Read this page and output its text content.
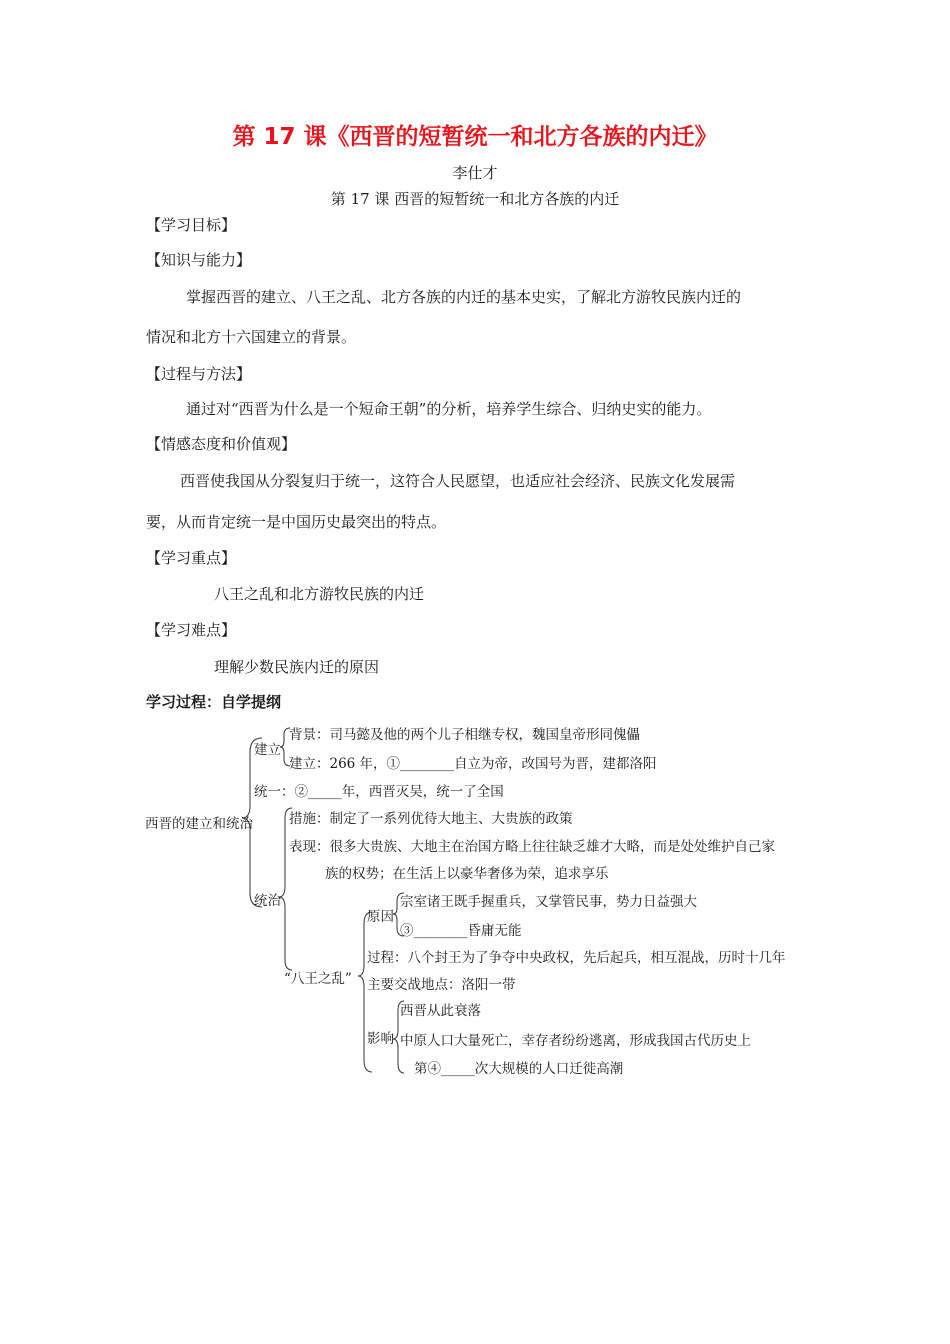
第 17 课《西晋的短暂统一和北方各族的内迁》
李仕才
第 17 课 西晋的短暂统一和北方各族的内迁
【学习目标】
【知识与能力】
掌握西晋的建立、八王之乱、北方各族的内迁的基本史实，了解北方游牧民族内迁的
情况和北方十六国建立的背景。
【过程与方法】
通过对“西晋为什么是一个短命王朝”的分析，培养学生综合、归纳史实的能力。
【情感态度和价值观】
西晋使我国从分裂复归于统一，这符合人民愿望，也适应社会经济、民族文化发展需
要，从而肯定统一是中国历史最突出的特点。
【学习重点】
八王之乱和北方游牧民族的内迁
【学习难点】
理解少数民族内迁的原因
学习过程：自学提纲
西晋的建立和统治
建立
背景：司马懿及他的两个儿子相继专权，魏国皇帝形同傀儡
建立：266 年，①________自立为帝，改国号为晋，建都洛阳
统一：②_____年，西晋灭吴，统一了全国
措施：制定了一系列优待大地主、大贵族的政策
表现：很多大贵族、大地主在治国方略上往往缺乏雄才大略，而是处处维护自己家
族的权势；在生活上以豪华奢侈为荣，追求享乐
统治
原因
宗室诸王既手握重兵，又掌管民事，势力日益强大
③________昏庸无能
过程：八个封王为了争夺中央政权，先后起兵，相互混战，历时十几年
“八王之乱” 主要交战地点：洛阳一带
西晋从此衰落
影响 中原人口大量死亡，幸存者纷纷逃离，形成我国古代历史上
第④_____次大规模的人口迁徙高潮
